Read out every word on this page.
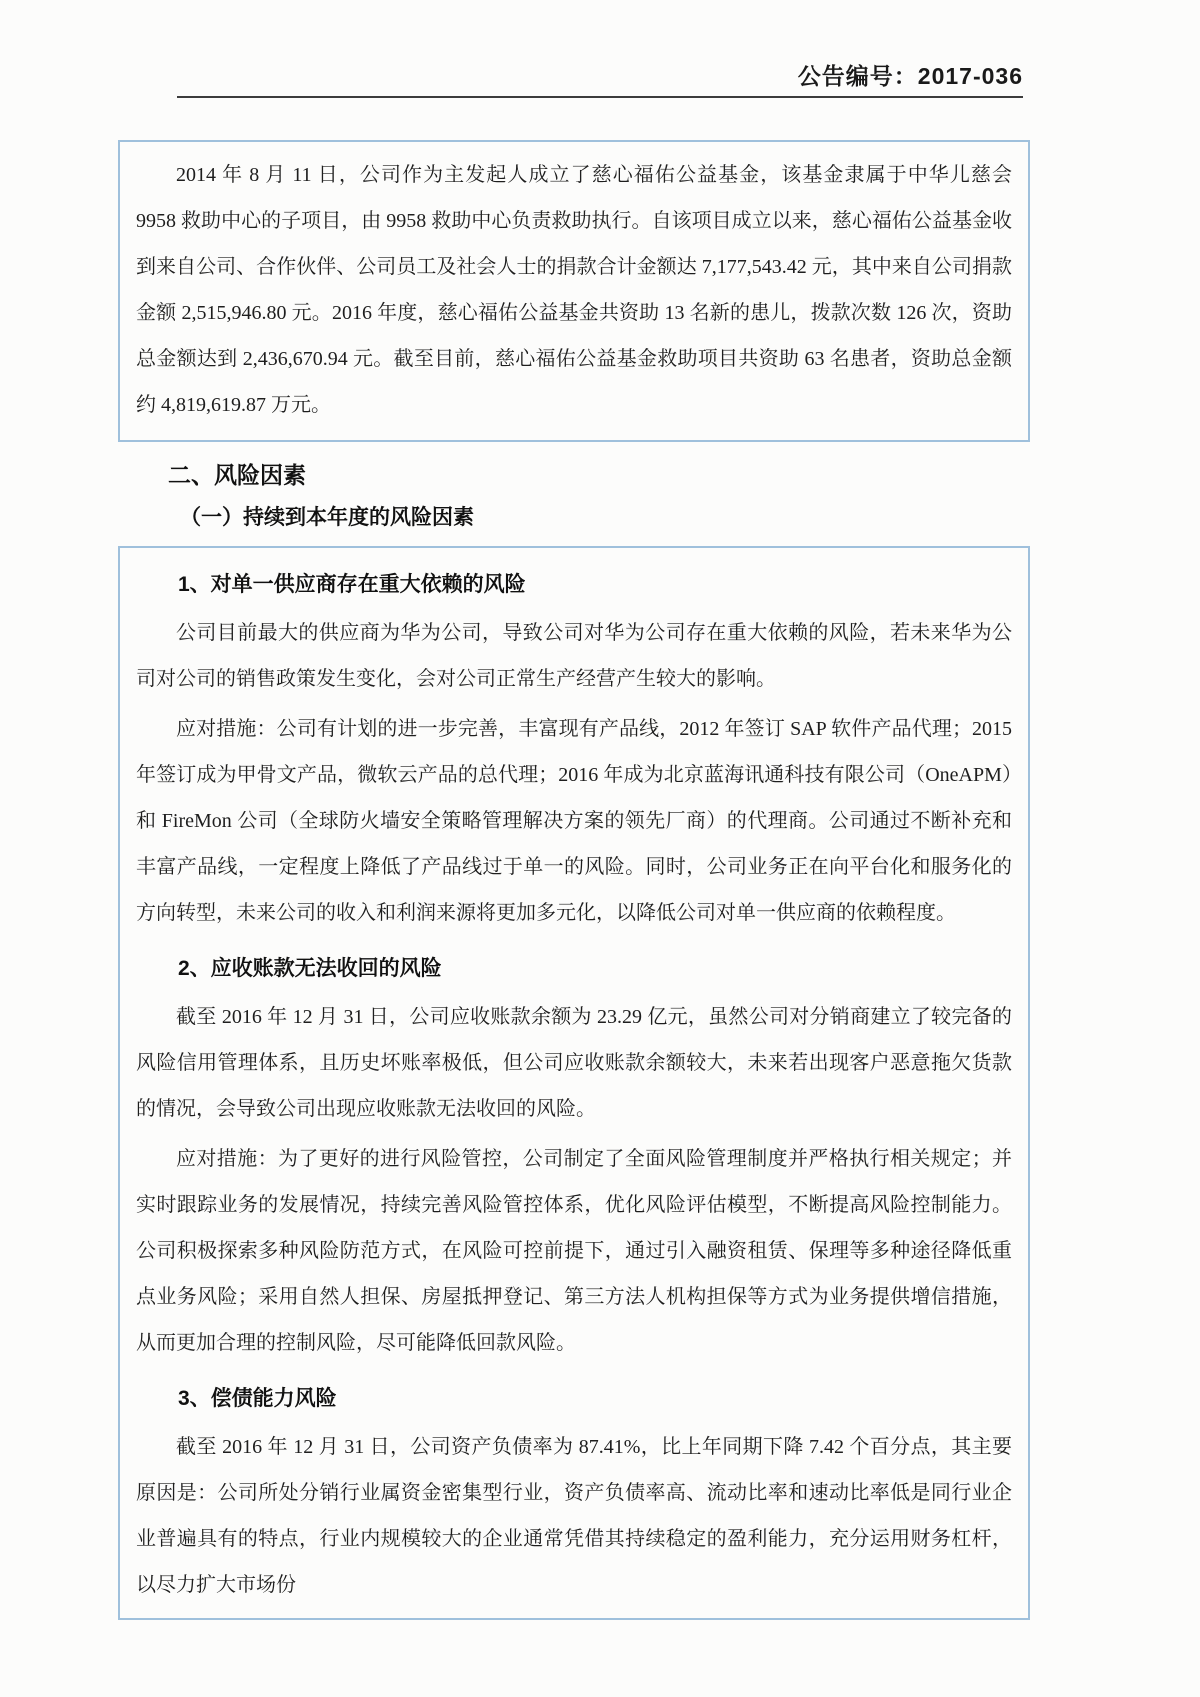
公告编号：2017-036

2014 年 8 月 11 日，公司作为主发起人成立了慈心福佑公益基金，该基金隶属于中华儿慈会 9958 救助中心的子项目，由 9958 救助中心负责救助执行。自该项目成立以来，慈心福佑公益基金收到来自公司、合作伙伴、公司员工及社会人士的捐款合计金额达 7,177,543.42 元，其中来自公司捐款金额 2,515,946.80 元。2016 年度，慈心福佑公益基金共资助 13 名新的患儿，拨款次数 126 次，资助总金额达到 2,436,670.94 元。截至目前，慈心福佑公益基金救助项目共资助 63 名患者，资助总金额约 4,819,619.87 万元。

二、风险因素
（一）持续到本年度的风险因素
1、对单一供应商存在重大依赖的风险

公司目前最大的供应商为华为公司，导致公司对华为公司存在重大依赖的风险，若未来华为公司对公司的销售政策发生变化，会对公司正常生产经营产生较大的影响。

应对措施：公司有计划的进一步完善，丰富现有产品线，2012 年签订 SAP 软件产品代理；2015 年签订成为甲骨文产品，微软云产品的总代理；2016 年成为北京蓝海讯通科技有限公司（OneAPM）和 FireMon 公司（全球防火墙安全策略管理解决方案的领先厂商）的代理商。公司通过不断补充和丰富产品线，一定程度上降低了产品线过于单一的风险。同时，公司业务正在向平台化和服务化的方向转型，未来公司的收入和利润来源将更加多元化，以降低公司对单一供应商的依赖程度。

2、应收账款无法收回的风险

截至 2016 年 12 月 31 日，公司应收账款余额为 23.29 亿元，虽然公司对分销商建立了较完备的风险信用管理体系，且历史坏账率极低，但公司应收账款余额较大，未来若出现客户恶意拖欠货款的情况，会导致公司出现应收账款无法收回的风险。

应对措施：为了更好的进行风险管控，公司制定了全面风险管理制度并严格执行相关规定；并实时跟踪业务的发展情况，持续完善风险管控体系，优化风险评估模型，不断提高风险控制能力。公司积极探索多种风险防范方式，在风险可控前提下，通过引入融资租赁、保理等多种途径降低重点业务风险；采用自然人担保、房屋抵押登记、第三方法人机构担保等方式为业务提供增信措施，从而更加合理的控制风险，尽可能降低回款风险。

3、偿债能力风险

截至 2016 年 12 月 31 日，公司资产负债率为 87.41%，比上年同期下降 7.42 个百分点，其主要原因是：公司所处分销行业属资金密集型行业，资产负债率高、流动比率和速动比率低是同行业企业普遍具有的特点，行业内规模较大的企业通常凭借其持续稳定的盈利能力，充分运用财务杠杆，以尽力扩大市场份
